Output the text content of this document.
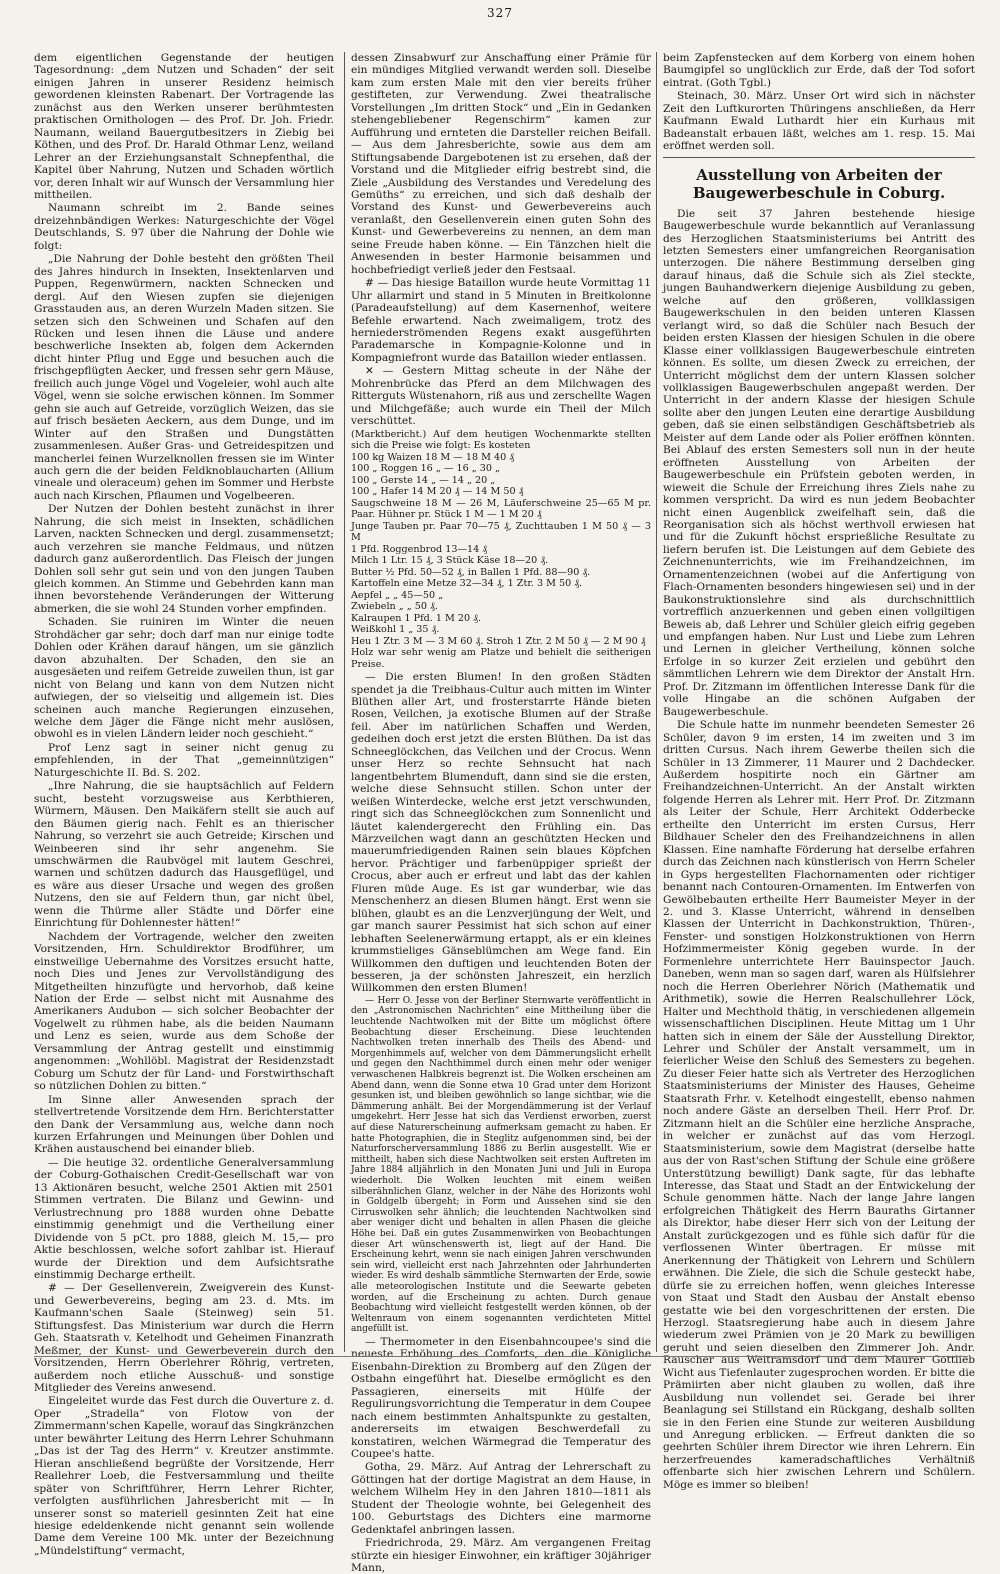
327

dem eigentlichen Gegenstande der heutigen Tagesordnung: „dem Nutzen und Schaden“ der seit einigen Jahren in unserer Residenz heimisch gewordenen kleinsten Rabenart. Der Vortragende las zunächst aus den Werken unserer berühmtesten praktischen Ornithologen — des Prof. Dr. Joh. Friedr. Naumann, weiland Bauergutbesitzers in Ziebig bei Köthen, und des Prof. Dr. Harald Othmar Lenz, weiland Lehrer an der Erziehungsanstalt Schnepfenthal, die Kapitel über Nahrung, Nutzen und Schaden wörtlich vor, deren Inhalt wir auf Wunsch der Versammlung hier mittheilen.

Naumann schreibt im 2. Bande seines dreizehnbändigen Werkes: Naturgeschichte der Vögel Deutschlands, S. 97 über die Nahrung der Dohle wie folgt:

„Die Nahrung der Dohle besteht den größten Theil des Jahres hindurch in Insekten, Insektenlarven und Puppen, Regenwürmern, nackten Schnecken und dergl. Auf den Wiesen zupfen sie diejenigen Grasstauden aus, an deren Wurzeln Maden sitzen. Sie setzen sich den Schweinen und Schafen auf den Rücken und lesen ihnen die Läuse und andere beschwerliche Insekten ab, folgen dem Ackernden dicht hinter Pflug und Egge und besuchen auch die frischgepflügten Aecker, und fressen sehr gern Mäuse, freilich auch junge Vögel und Vogeleier, wohl auch alte Vögel, wenn sie solche erwischen können. Im Sommer gehn sie auch auf Getreide, vorzüglich Weizen, das sie auf frisch besäeten Aeckern, aus dem Dunge, und im Winter auf den Straßen und Dungstätten zusammenlesen. Außer Gras- und Getreidespitzen und mancherlei feinen Wurzelknollen fressen sie im Winter auch gern die der beiden Feldknoblaucharten (Allium vineale und oleraceum) gehen im Sommer und Herbste auch nach Kirschen, Pflaumen und Vogelbeeren.

Der Nutzen der Dohlen besteht zunächst in ihrer Nahrung, die sich meist in Insekten, schädlichen Larven, nackten Schnecken und dergl. zusammensetzt; auch verzehren sie manche Feldmaus, und nützen dadurch ganz außerordentlich. Das Fleisch der jungen Dohlen soll sehr gut sein und von den jungen Tauben gleich kommen. An Stimme und Gebehrden kann man ihnen bevorstehende Veränderungen der Witterung abmerken, die sie wohl 24 Stunden vorher empfinden.

Schaden. Sie ruiniren im Winter die neuen Strohdächer gar sehr; doch darf man nur einige todte Dohlen oder Krähen darauf hängen, um sie gänzlich davon abzuhalten. Der Schaden, den sie an ausgesäeten und reifem Getreide zuweilen thun, ist gar nicht von Belang und kann von dem Nutzen nicht aufwiegen, der so vielseitig und allgemein ist. Dies scheinen auch manche Regierungen einzusehen, welche dem Jäger die Fänge nicht mehr auslösen, obwohl es in vielen Ländern leider noch geschieht.“

Prof Lenz sagt in seiner nicht genug zu empfehlenden, in der That „gemeinnützigen“ Naturgeschichte II. Bd. S. 202.

„Ihre Nahrung, die sie hauptsächlich auf Feldern sucht, besteht vorzugsweise aus Kerbthieren, Würmern, Mäusen. Den Maikäfern stellt sie auch auf den Bäumen gierig nach. Fehlt es an thierischer Nahrung, so verzehrt sie auch Getreide; Kirschen und Weinbeeren sind ihr sehr angenehm. Sie umschwärmen die Raubvögel mit lautem Geschrei, warnen und schützen dadurch das Hausgeflügel, und es wäre aus dieser Ursache und wegen des großen Nutzens, den sie auf Feldern thun, gar nicht übel, wenn die Thürme aller Städte und Dörfer eine Einrichtung für Dohlennester hätten!“

Nachdem der Vortragende, welcher den zweiten Vorsitzenden, Hrn. Schuldirektor Brodführer, um einstweilige Uebernahme des Vorsitzes ersucht hatte, noch Dies und Jenes zur Vervollständigung des Mitgetheilten hinzufügte und hervorhob, daß keine Nation der Erde — selbst nicht mit Ausnahme des Amerikaners Audubon — sich solcher Beobachter der Vogelwelt zu rühmen habe, als die beiden Naumann und Lenz es seien, wurde aus dem Schoße der Versammlung der Antrag gestellt und einstimmig angenommen: „Wohllöbl. Magistrat der Residenzstadt Coburg um Schutz der für Land- und Forstwirthschaft so nützlichen Dohlen zu bitten.“

Im Sinne aller Anwesenden sprach der stellvertretende Vorsitzende dem Hrn. Berichterstatter den Dank der Versammlung aus, welche dann noch kurzen Erfahrungen und Meinungen über Dohlen und Krähen austauschend bei einander blieb.

— Die heutige 32. ordentliche Generalversammlung der Coburg-Gothaischen Credit-Gesellschaft war von 13 Aktionären besucht, welche 2501 Aktien mit 2501 Stimmen vertraten. Die Bilanz und Gewinn- und Verlustrechnung pro 1888 wurden ohne Debatte einstimmig genehmigt und die Vertheilung einer Dividende von 5 pCt. pro 1888, gleich M. 15,— pro Aktie beschlossen, welche sofort zahlbar ist. Hierauf wurde der Direktion und dem Aufsichtsrathe einstimmig Decharge ertheilt.

# — Der Gesellenverein, Zweigverein des Kunst- und Gewerbevereins, beging am 23. d. Mts. im Kaufmann'schen Saale (Steinweg) sein 51. Stiftungsfest. Das Ministerium war durch die Herrn Geh. Staatsrath v. Ketelhodt und Geheimen Finanzrath Meßmer, der Kunst- und Gewerbeverein durch den Vorsitzenden, Herrn Oberlehrer Röhrig, vertreten, außerdem noch etliche Ausschuß- und sonstige Mitglieder des Vereins anwesend.

Eingeleitet wurde das Fest durch die Ouverture z. d. Oper „Stradella“ von Flotow von der Zimmermann'schen Kapelle, worauf das Singkränzchen unter bewährter Leitung des Herrn Lehrer Schuhmann „Das ist der Tag des Herrn“ v. Kreutzer anstimmte. Hieran anschließend begrüßte der Vorsitzende, Herr Reallehrer Loeb, die Festversammlung und theilte später von Schriftführer, Herrn Lehrer Richter, verfolgten ausführlichen Jahresbericht mit — In unserer sonst so materiell gesinnten Zeit hat eine hiesige edeldenkende nicht genannt sein wollende Dame dem Vereine 100 Mk. unter der Bezeichnung „Mündelstiftung“ vermacht,

dessen Zinsabwurf zur Anschaffung einer Prämie für ein mündiges Mitglied verwandt werden soll. Dieselbe kam zum ersten Male mit den vier bereits früher gestifteten, zur Verwendung. Zwei theatralische Vorstellungen „Im dritten Stock“ und „Ein in Gedanken stehengebliebener Regenschirm“ kamen zur Aufführung und ernteten die Darsteller reichen Beifall. — Aus dem Jahresberichte, sowie aus dem am Stiftungsabende Dargebotenen ist zu ersehen, daß der Vorstand und die Mitglieder eifrig bestrebt sind, die Ziele „Ausbildung des Verstandes und Veredelung des Gemüths“ zu erreichen, und sich daß deshalb der Vorstand des Kunst- und Gewerbevereins auch veranlaßt, den Gesellenverein einen guten Sohn des Kunst- und Gewerbevereins zu nennen, an dem man seine Freude haben könne. — Ein Tänzchen hielt die Anwesenden in bester Harmonie beisammen und hochbefriedigt verließ jeder den Festsaal.

# — Das hiesige Bataillon wurde heute Vormittag 11 Uhr allarmirt und stand in 5 Minuten in Breitkolonne (Paradeaufstellung) auf dem Kasernenhof, weitere Befehle erwartend. Nach zweimaligem, trotz des herniederströmenden Regens exakt ausgeführten Parademarsche in Kompagnie-Kolonne und in Kompagniefront wurde das Bataillon wieder entlassen.

✕ — Gestern Mittag scheute in der Nähe der Mohrenbrücke das Pferd an dem Milchwagen des Ritterguts Wüstenahorn, riß aus und zerschellte Wagen und Milchgefäße; auch wurde ein Theil der Milch verschüttet.

(Marktbericht.) Auf dem heutigen Wochenmarkte stellten sich die Preise wie folgt: Es kosteten
100 kg Waizen 18 M — 18 M 40 ₰
100 „ Roggen 16 „ — 16 „ 30 „
100 „ Gerste 14 „ — 14 „ 20 „
100 „ Hafer 14 M 20 ₰ — 14 M 50 ₰
Saugschweine 18 M — 26 M, Läuferschweine 25—65 M pr. Paar. Hühner pr. Stück 1 M — 1 M 20 ₰
Junge Tauben pr. Paar 70—75 ₰, Zuchttauben 1 M 50 ₰ — 3 M
1 Pfd. Roggenbrod 13—14 ₰
Milch 1 Ltr. 15 ₰, 3 Stück Käse 18—20 ₰.
Butter ½ Pfd. 50—52 ₰, in Ballen 1 Pfd. 88—90 ₰.
Kartoffeln eine Metze 32—34 ₰, 1 Ztr. 3 M 50 ₰.
Aepfel „ „ 45—50 „
Zwiebeln „ „ 50 ₰.
Kalraupen 1 Pfd. 1 M 20 ₰.
Weißkohl 1 „ 35 ₰.
Heu 1 Ztr. 3 M — 3 M 60 ₰. Stroh 1 Ztr. 2 M 50 ₰ — 2 M 90 ₰
Holz war sehr wenig am Platze und behielt die seitherigen Preise.

— Die ersten Blumen! In den großen Städten spendet ja die Treibhaus-Cultur auch mitten im Winter Blüthen aller Art, und frosterstarrte Hände bieten Rosen, Veilchen, ja exotische Blumen auf der Straße feil. Aber im natürlichen Schaffen und Werden, gedeihen doch erst jetzt die ersten Blüthen. Da ist das Schneeglöckchen, das Veilchen und der Crocus. Wenn unser Herz so rechte Sehnsucht hat nach langentbehrtem Blumenduft, dann sind sie die ersten, welche diese Sehnsucht stillen. Schon unter der weißen Winterdecke, welche erst jetzt verschwunden, ringt sich das Schneeglöckchen zum Sonnenlicht und läutet kalendergerecht den Frühling ein. Das Märzveilchen wagt dann an geschützten Hecken und mauerumfriedigenden Rainen sein blaues Köpfchen hervor. Prächtiger und farbenüppiger sprießt der Crocus, aber auch er erfreut und labt das der kahlen Fluren müde Auge. Es ist gar wunderbar, wie das Menschenherz an diesen Blumen hängt. Erst wenn sie blühen, glaubt es an die Lenzverjüngung der Welt, und gar manch saurer Pessimist hat sich schon auf einer lebhaften Seelenerwärmung ertappt, als er ein kleines krummstieliges Gänseblümchen am Wege fand. Ein Willkommen den duftigen und leuchtenden Boten der besseren, ja der schönsten Jahreszeit, ein herzlich Willkommen den ersten Blumen!

— Herr O. Jesse von der Berliner Sternwarte veröffentlicht in den „Astronomischen Nachrichten“ eine Mittheilung über die leuchtende Nachtwolken mit der Bitte um möglichst öftere Beobachtung dieser Erscheinung. Diese leuchtenden Nachtwolken treten innerhalb des Theils des Abend- und Morgenhimmels auf, welcher von dem Dämmerungslicht erhellt und gegen den Nachthimmel durch einen mehr oder weniger verwaschenen Halbkreis begrenzt ist. Die Wolken erscheinen am Abend dann, wenn die Sonne etwa 10 Grad unter dem Horizont gesunken ist, und bleiben gewöhnlich so lange sichtbar, wie die Dämmerung anhält. Bei der Morgendämmerung ist der Verlauf umgekehrt. Herr Jesse hat sich das Verdienst erworben, zuerst auf diese Naturerscheinung aufmerksam gemacht zu haben. Er hatte Photographien, die in Steglitz aufgenommen sind, bei der Naturforscherversammlung 1886 zu Berlin ausgestellt. Wie er mittheilt, haben sich diese Nachtwolken seit ersten Auftreten im Jahre 1884 alljährlich in den Monaten Juni und Juli in Europa wiederholt. Die Wolken leuchten mit einem weißen silberähnlichen Glanz, welcher in der Nähe des Horizonts wohl in Goldgelb übergeht; in Form und Aussehen sind sie den Cirruswolken sehr ähnlich; die leuchtenden Nachtwolken sind aber weniger dicht und behalten in allen Phasen die gleiche Höhe bei. Daß ein gutes Zusammenwirken von Beobachtungen dieser Art wünschenswerth ist, liegt auf der Hand. Die Erscheinung kehrt, wenn sie nach einigen Jahren verschwunden sein wird, vielleicht erst nach Jahrzehnten oder Jahrhunderten wieder. Es wird deshalb sämmtliche Sternwarten der Erde, sowie alle meteorologischen Institute und die Seewarte gebeten worden, auf die Erscheinung zu achten. Durch genaue Beobachtung wird vielleicht festgestellt werden können, ob der Weltenraum von einem sogenannten verdichteten Mittel angefüllt ist.

— Thermometer in den Eisenbahncoupee's sind die neueste Erhöhung des Comforts, den die Königliche Eisenbahn-Direktion zu Bromberg auf den Zügen der Ostbahn eingeführt hat. Dieselbe ermöglicht es den Passagieren, einerseits mit Hülfe der Regulirungsvorrichtung die Temperatur in dem Coupee nach einem bestimmten Anhaltspunkte zu gestalten, andererseits im etwaigen Beschwerdefall zu konstatiren, welchen Wärmegrad die Temperatur des Coupee's hatte.

Gotha, 29. März. Auf Antrag der Lehrerschaft zu Göttingen hat der dortige Magistrat an dem Hause, in welchem Wilhelm Hey in den Jahren 1810—1811 als Student der Theologie wohnte, bei Gelegenheit des 100. Geburtstags des Dichters eine marmorne Gedenktafel anbringen lassen.

Friedrichroda, 29. März. Am vergangenen Freitag stürzte ein hiesiger Einwohner, ein kräftiger 30jähriger Mann,

beim Zapfenstecken auf dem Korberg von einem hohen Baumgipfel so unglücklich zur Erde, daß der Tod sofort eintrat. (Goth Tgbl.)

Steinach, 30. März. Unser Ort wird sich in nächster Zeit den Luftkurorten Thüringens anschließen, da Herr Kaufmann Ewald Luthardt hier ein Kurhaus mit Badeanstalt erbauen läßt, welches am 1. resp. 15. Mai eröffnet werden soll.

Ausstellung von Arbeiten der Baugewerbeschule in Coburg.

Die seit 37 Jahren bestehende hiesige Baugewerbeschule wurde bekanntlich auf Veranlassung des Herzoglichen Staatsministeriums bei Antritt des letzten Semesters einer umfangreichen Reorganisation unterzogen. Die nähere Bestimmung derselben ging darauf hinaus, daß die Schule sich als Ziel steckte, jungen Bauhandwerkern diejenige Ausbildung zu geben, welche auf den größeren, vollklassigen Baugewerkschulen in den beiden unteren Klassen verlangt wird, so daß die Schüler nach Besuch der beiden ersten Klassen der hiesigen Schulen in die obere Klasse einer vollklassigen Baugewerbeschule eintreten können. Es sollte, um diesen Zweck zu erreichen, der Unterricht möglichst dem der untern Klassen solcher vollklassigen Baugewerbschulen angepaßt werden. Der Unterricht in der andern Klasse der hiesigen Schule sollte aber den jungen Leuten eine derartige Ausbildung geben, daß sie einen selbständigen Geschäftsbetrieb als Meister auf dem Lande oder als Polier eröffnen könnten. Bei Ablauf des ersten Semesters soll nun in der heute eröffneten Ausstellung von Arbeiten der Baugewerbeschule ein Prüfstein geboten werden, in wieweit die Schule der Erreichung ihres Ziels nahe zu kommen verspricht. Da wird es nun jedem Beobachter nicht einen Augenblick zweifelhaft sein, daß die Reorganisation sich als höchst werthvoll erwiesen hat und für die Zukunft höchst ersprießliche Resultate zu liefern berufen ist. Die Leistungen auf dem Gebiete des Zeichnenunterrichts, wie im Freihandzeichnen, im Ornamentenzeichnen (wobei auf die Anfertigung von Flach-Ornamenten besonders hingewiesen sei) und in der Baukonstruktionslehre sind als durchschnittlich vortrefflich anzuerkennen und geben einen vollgiltigen Beweis ab, daß Lehrer und Schüler gleich eifrig gegeben und empfangen haben. Nur Lust und Liebe zum Lehren und Lernen in gleicher Vertheilung, können solche Erfolge in so kurzer Zeit erzielen und gebührt den sämmtlichen Lehrern wie dem Direktor der Anstalt Hrn. Prof. Dr. Zitzmann im öffentlichen Interesse Dank für die volle Hingabe an die schönen Aufgaben der Baugewerbeschule.

Die Schule hatte im nunmehr beendeten Semester 26 Schüler, davon 9 im ersten, 14 im zweiten und 3 im dritten Cursus. Nach ihrem Gewerbe theilen sich die Schüler in 13 Zimmerer, 11 Maurer und 2 Dachdecker. Außerdem hospitirte noch ein Gärtner am Freihandzeichnen-Unterricht. An der Anstalt wirkten folgende Herren als Lehrer mit. Herr Prof. Dr. Zitzmann als Leiter der Schule, Herr Architekt Odderbecke ertheilte den Unterricht im ersten Cursus, Herr Bildhauer Scheler den des Freihandzeichnens in allen Klassen. Eine namhafte Förderung hat derselbe erfahren durch das Zeichnen nach künstlerisch von Herrn Scheler in Gyps hergestellten Flachornamenten oder richtiger benannt nach Contouren-Ornamenten. Im Entwerfen von Gewölbebauten ertheilte Herr Baumeister Meyer in der 2. und 3. Klasse Unterricht, während in denselben Klassen der Unterricht in Dachkonstruktion, Thüren-, Fenster- und sonstigen Holzkonstruktionen von Herrn Hofzimmermeister König gegeben wurde. In der Formenlehre unterrichtete Herr Bauinspector Jauch. Daneben, wenn man so sagen darf, waren als Hülfslehrer noch die Herren Oberlehrer Nörich (Mathematik und Arithmetik), sowie die Herren Realschullehrer Löck, Halter und Mechthold thätig, in verschiedenen allgemein wissenschaftlichen Disciplinen. Heute Mittag um 1 Uhr hatten sich in einem der Säle der Ausstellung Direktor, Lehrer und Schüler der Anstalt versammelt, um in feierlicher Weise den Schluß des Semesters zu begehen. Zu dieser Feier hatte sich als Vertreter des Herzoglichen Staatsministeriums der Minister des Hauses, Geheime Staatsrath Frhr. v. Ketelhodt eingestellt, ebenso nahmen noch andere Gäste an derselben Theil. Herr Prof. Dr. Zitzmann hielt an die Schüler eine herzliche Ansprache, in welcher er zunächst auf das vom Herzogl. Staatsministerium, sowie dem Magistrat (derselbe hatte aus der von Rast'schen Stiftung der Schule eine größere Unterstützung bewilligt) Dank sagte, für das lebhafte Interesse, das Staat und Stadt an der Entwickelung der Schule genommen hätte. Nach der lange Jahre langen erfolgreichen Thätigkeit des Herrn Bauraths Girtanner als Direktor, habe dieser Herr sich von der Leitung der Anstalt zurückgezogen und es fühle sich dafür für die verflossenen Winter übertragen. Er müsse mit Anerkennung der Thätigkeit von Lehrern und Schülern erwähnen. Die Ziele, die sich die Schule gesteckt habe, dürfe sie zu erreichen hoffen, wenn gleiches Interesse von Staat und Stadt den Ausbau der Anstalt ebenso gestatte wie bei den vorgeschrittenen der ersten. Die Herzogl. Staatsregierung habe auch in diesem Jahre wiederum zwei Prämien von je 20 Mark zu bewilligen geruht und seien dieselben den Zimmerer Joh. Andr. Rauscher aus Weitramsdorf und dem Maurer Gottlieb Wicht aus Tiefenlauter zugesprochen worden. Er bitte die Prämiirten aber nicht glauben zu wollen, daß ihre Ausbildung nun vollendet sei. Gerade bei ihrer Beanlagung sei Stillstand ein Rückgang, deshalb sollten sie in den Ferien eine Stunde zur weiteren Ausbildung und Anregung erblicken. — Erfreut dankten die so geehrten Schüler ihrem Director wie ihren Lehrern. Ein herzerfreuendes kameradschaftliches Verhältniß offenbarte sich hier zwischen Lehrern und Schülern. Möge es immer so bleiben!
